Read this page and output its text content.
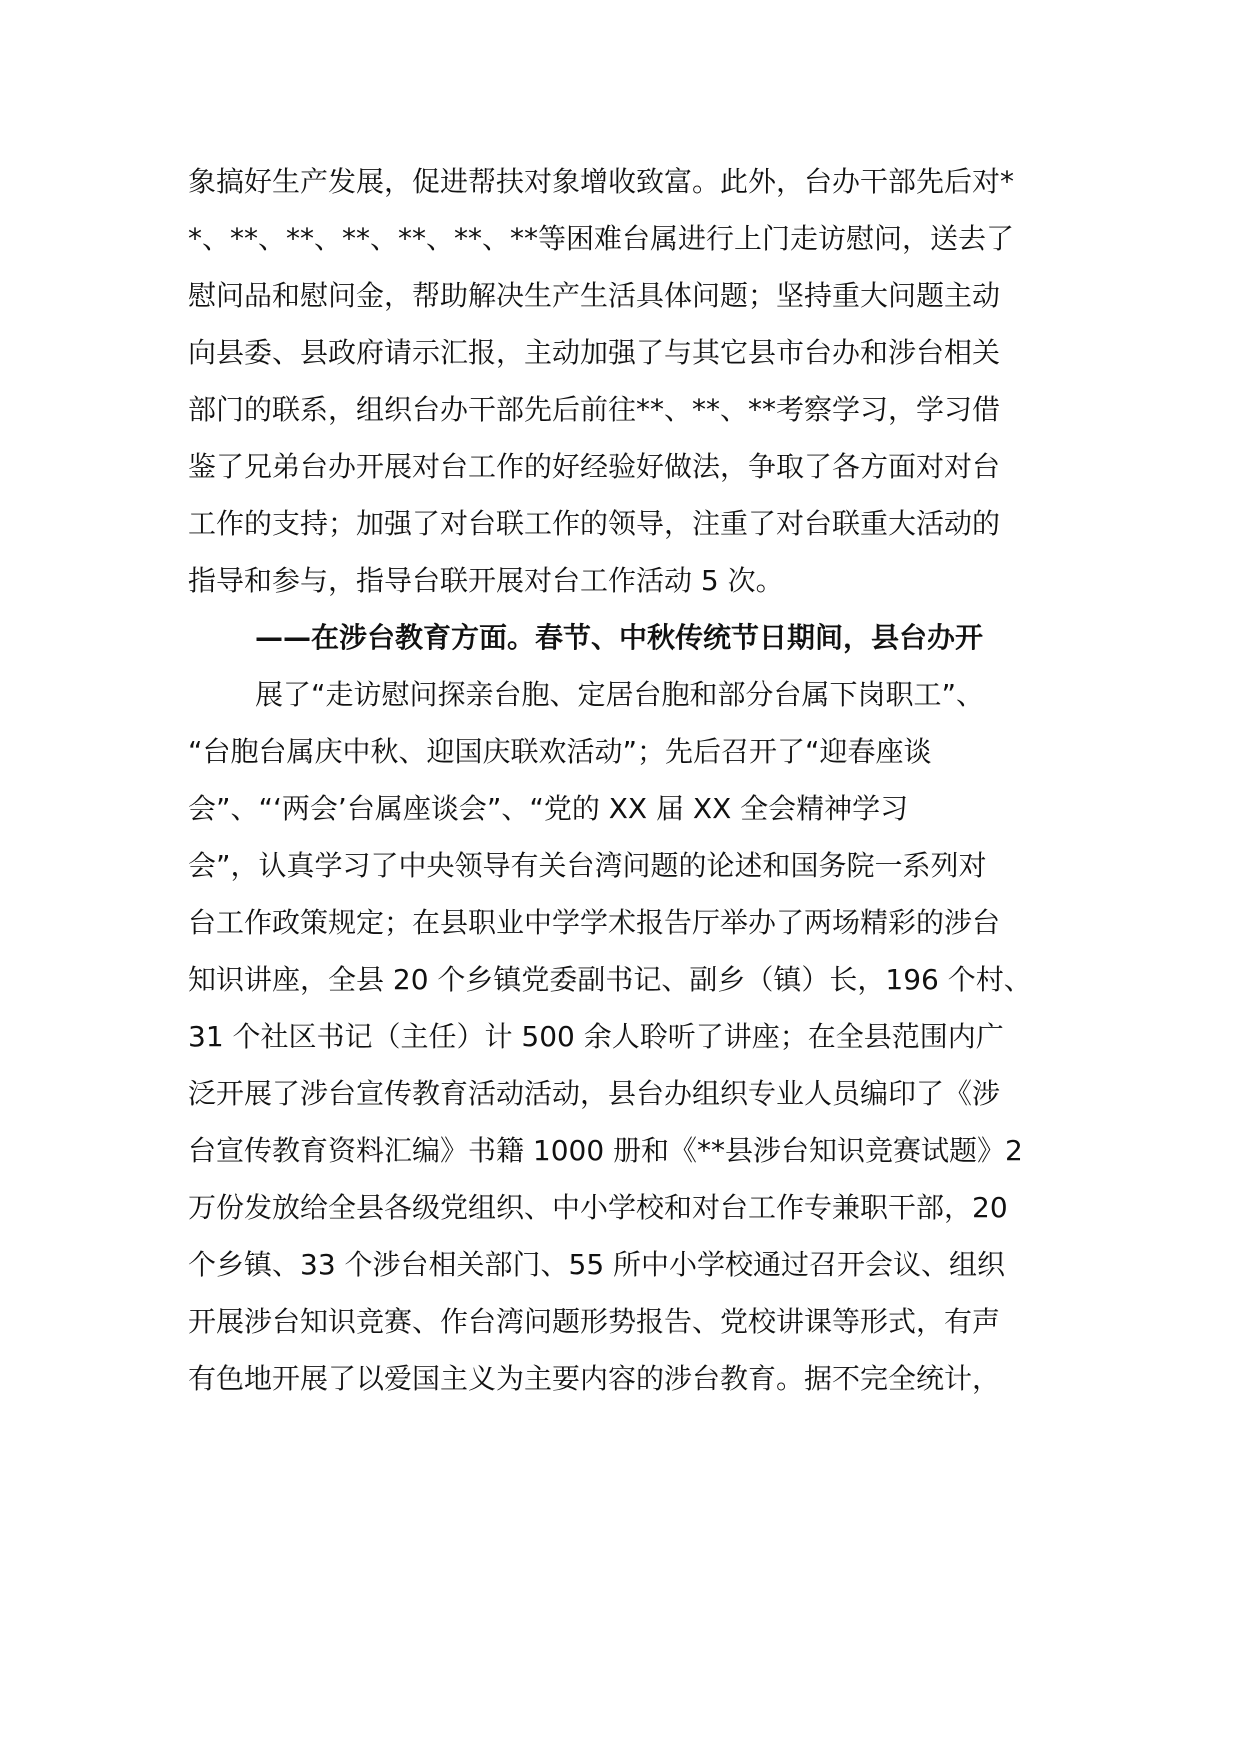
象搞好生产发展，促进帮扶对象增收致富。此外，台办干部先后对*
*、**、**、**、**、**、**等困难台属进行上门走访慰问，送去了
慰问品和慰问金，帮助解决生产生活具体问题；坚持重大问题主动
向县委、县政府请示汇报，主动加强了与其它县市台办和涉台相关
部门的联系，组织台办干部先后前往**、**、**考察学习，学习借
鉴了兄弟台办开展对台工作的好经验好做法，争取了各方面对对台
工作的支持；加强了对台联工作的领导，注重了对台联重大活动的
指导和参与，指导台联开展对台工作活动 5 次。
——在涉台教育方面。春节、中秋传统节日期间，县台办开
展了“走访慰问探亲台胞、定居台胞和部分台属下岗职工”、
“台胞台属庆中秋、迎国庆联欢活动”；先后召开了“迎春座谈
会”、“‘两会’台属座谈会”、“党的 XX 届 XX 全会精神学习
会”，认真学习了中央领导有关台湾问题的论述和国务院一系列对
台工作政策规定；在县职业中学学术报告厅举办了两场精彩的涉台
知识讲座，全县 20 个乡镇党委副书记、副乡（镇）长，196 个村、
31 个社区书记（主任）计 500 余人聆听了讲座；在全县范围内广
泛开展了涉台宣传教育活动活动，县台办组织专业人员编印了《涉
台宣传教育资料汇编》书籍 1000 册和《**县涉台知识竞赛试题》2
万份发放给全县各级党组织、中小学校和对台工作专兼职干部，20
个乡镇、33 个涉台相关部门、55 所中小学校通过召开会议、组织
开展涉台知识竞赛、作台湾问题形势报告、党校讲课等形式，有声
有色地开展了以爱国主义为主要内容的涉台教育。据不完全统计，
